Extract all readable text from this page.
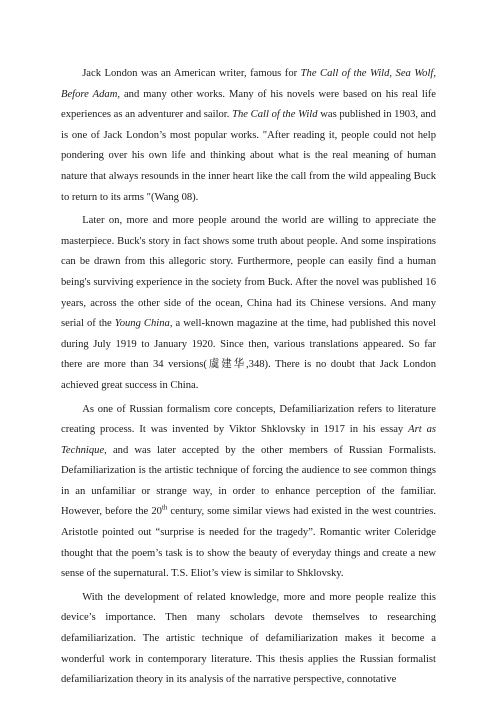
Jack London was an American writer, famous for The Call of the Wild, Sea Wolf, Before Adam, and many other works. Many of his novels were based on his real life experiences as an adventurer and sailor. The Call of the Wild was published in 1903, and is one of Jack London’s most popular works. "After reading it, people could not help pondering over his own life and thinking about what is the real meaning of human nature that always resounds in the inner heart like the call from the wild appealing Buck to return to its arms "(Wang 08).

Later on, more and more people around the world are willing to appreciate the masterpiece. Buck's story in fact shows some truth about people. And some inspirations can be drawn from this allegoric story. Furthermore, people can easily find a human being's surviving experience in the society from Buck. After the novel was published 16 years, across the other side of the ocean, China had its Chinese versions. And many serial of the Young China, a well-known magazine at the time, had published this novel during July 1919 to January 1920. Since then, various translations appeared. So far there are more than 34 versions(虞建华,348). There is no doubt that Jack London achieved great success in China.

As one of Russian formalism core concepts, Defamiliarization refers to literature creating process. It was invented by Viktor Shklovsky in 1917 in his essay Art as Technique, and was later accepted by the other members of Russian Formalists. Defamiliarization is the artistic technique of forcing the audience to see common things in an unfamiliar or strange way, in order to enhance perception of the familiar. However, before the 20th century, some similar views had existed in the west countries. Aristotle pointed out “surprise is needed for the tragedy”. Romantic writer Coleridge thought that the poem’s task is to show the beauty of everyday things and create a new sense of the supernatural. T.S. Eliot’s view is similar to Shklovsky.

With the development of related knowledge, more and more people realize this device’s importance. Then many scholars devote themselves to researching defamiliarization. The artistic technique of defamiliarization makes it become a wonderful work in contemporary literature. This thesis applies the Russian formalist defamiliarization theory in its analysis of the narrative perspective, connotative
